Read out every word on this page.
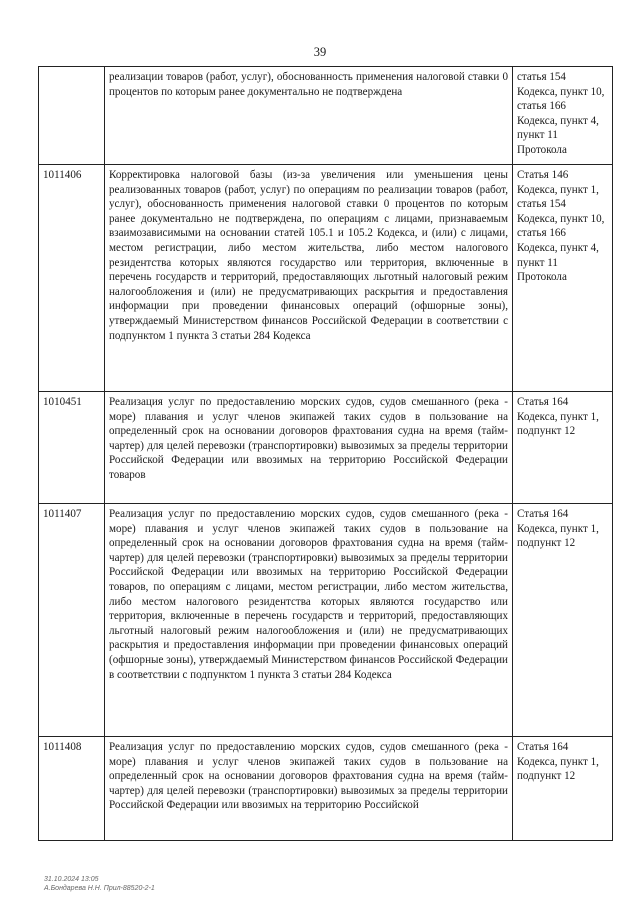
39
	реализации товаров (работ, услуг), обоснованность применения налоговой ставки 0 процентов по которым ранее документально не подтверждена	статья 154 Кодекса, пункт 10, статья 166 Кодекса, пункт 4, пункт 11 Протокола
1011406	Корректировка налоговой базы (из-за увеличения или уменьшения цены реализованных товаров (работ, услуг) по операциям по реализации товаров (работ, услуг), обоснованность применения налоговой ставки 0 процентов по которым ранее документально не подтверждена, по операциям с лицами, признаваемым взаимозависимыми на основании статей 105.1 и 105.2 Кодекса, и (или) с лицами, местом регистрации, либо местом жительства, либо местом налогового резидентства которых являются государство или территория, включенные в перечень государств и территорий, предоставляющих льготный налоговый режим налогообложения и (или) не предусматривающих раскрытия и предоставления информации при проведении финансовых операций (офшорные зоны), утверждаемый Министерством финансов Российской Федерации в соответствии с подпунктом 1 пункта 3 статьи 284 Кодекса	Статья 146 Кодекса, пункт 1, статья 154 Кодекса, пункт 10, статья 166 Кодекса, пункт 4, пункт 11 Протокола
1010451	Реализация услуг по предоставлению морских судов, судов смешанного (река - море) плавания и услуг членов экипажей таких судов в пользование на определенный срок на основании договоров фрахтования судна на время (тайм-чартер) для целей перевозки (транспортировки) вывозимых за пределы территории Российской Федерации или ввозимых на территорию Российской Федерации товаров	Статья 164 Кодекса, пункт 1, подпункт 12
1011407	Реализация услуг по предоставлению морских судов, судов смешанного (река - море) плавания и услуг членов экипажей таких судов в пользование на определенный срок на основании договоров фрахтования судна на время (тайм-чартер) для целей перевозки (транспортировки) вывозимых за пределы территории Российской Федерации или ввозимых на территорию Российской Федерации товаров, по операциям с лицами, местом регистрации, либо местом жительства, либо местом налогового резидентства которых являются государство или территория, включенные в перечень государств и территорий, предоставляющих льготный налоговый режим налогообложения и (или) не предусматривающих раскрытия и предоставления информации при проведении финансовых операций (офшорные зоны), утверждаемый Министерством финансов Российской Федерации в соответствии с подпунктом 1 пункта 3 статьи 284 Кодекса	Статья 164 Кодекса, пункт 1, подпункт 12
1011408	Реализация услуг по предоставлению морских судов, судов смешанного (река - море) плавания и услуг членов экипажей таких судов в пользование на определенный срок на основании договоров фрахтования судна на время (тайм-чартер) для целей перевозки (транспортировки) вывозимых за пределы территории Российской Федерации или ввозимых на территорию Российской	Статья 164 Кодекса, пункт 1, подпункт 12
31.10.2024 13:05
А.Бондарева Н.Н. Прил-88520-2-1
